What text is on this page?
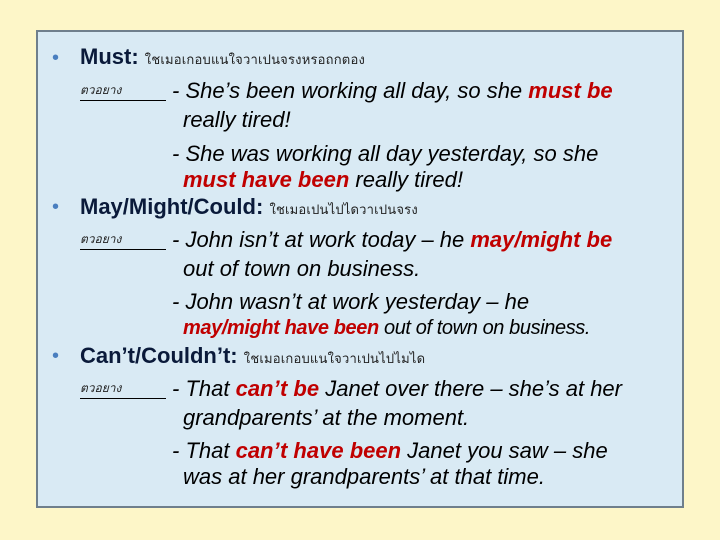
• Must: ใชเมอเกอบแนใจวาเปนจรงหรอถกตอง
ตวอยาง - She’s been working all day, so she must be
really tired!
- She was working all day yesterday, so she
must have been really tired!
• May/Might/Could: ใชเมอเปนไปไดวาเปนจรง
ตวอยาง - John isn’t at work today – he may/might be
out of town on business.
- John wasn’t at work yesterday – he
may/might have been out of town on business.
• Can’t/Couldn’t: ใชเมอเกอบแนใจวาเปนไปไมได
ตวอยาง - That can’t be Janet over there – she’s at her
grandparents’ at the moment.
- That can’t have been Janet you saw – she
was at her grandparents’ at that time.
